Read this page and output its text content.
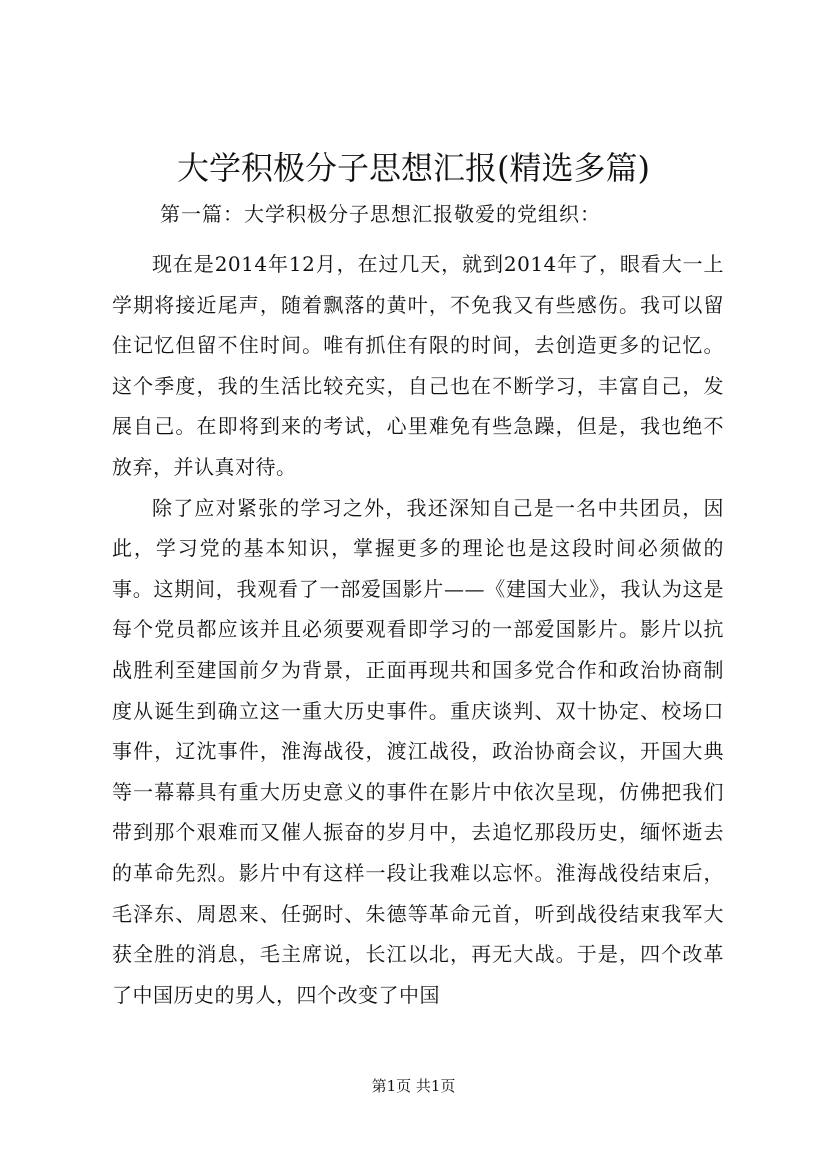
大学积极分子思想汇报(精选多篇)
第一篇：大学积极分子思想汇报敬爱的党组织：

现在是2014年12月，在过几天，就到2014年了，眼看大一上学期将接近尾声，随着飘落的黄叶，不免我又有些感伤。我可以留住记忆但留不住时间。唯有抓住有限的时间，去创造更多的记忆。这个季度，我的生活比较充实，自己也在不断学习，丰富自己，发展自己。在即将到来的考试，心里难免有些急躁，但是，我也绝不放弃，并认真对待。

除了应对紧张的学习之外，我还深知自己是一名中共团员，因此，学习党的基本知识，掌握更多的理论也是这段时间必须做的事。这期间，我观看了一部爱国影片——《建国大业》，我认为这是每个党员都应该并且必须要观看即学习的一部爱国影片。影片以抗战胜利至建国前夕为背景，正面再现共和国多党合作和政治协商制度从诞生到确立这一重大历史事件。重庆谈判、双十协定、校场口事件，辽沈事件，淮海战役，渡江战役，政治协商会议，开国大典等一幕幕具有重大历史意义的事件在影片中依次呈现，仿佛把我们带到那个艰难而又催人振奋的岁月中，去追忆那段历史，缅怀逝去的革命先烈。影片中有这样一段让我难以忘怀。淮海战役结束后，毛泽东、周恩来、任弼时、朱德等革命元首，听到战役结束我军大获全胜的消息，毛主席说，长江以北，再无大战。于是，四个改革了中国历史的男人，四个改变了中国

第1页 共1页
